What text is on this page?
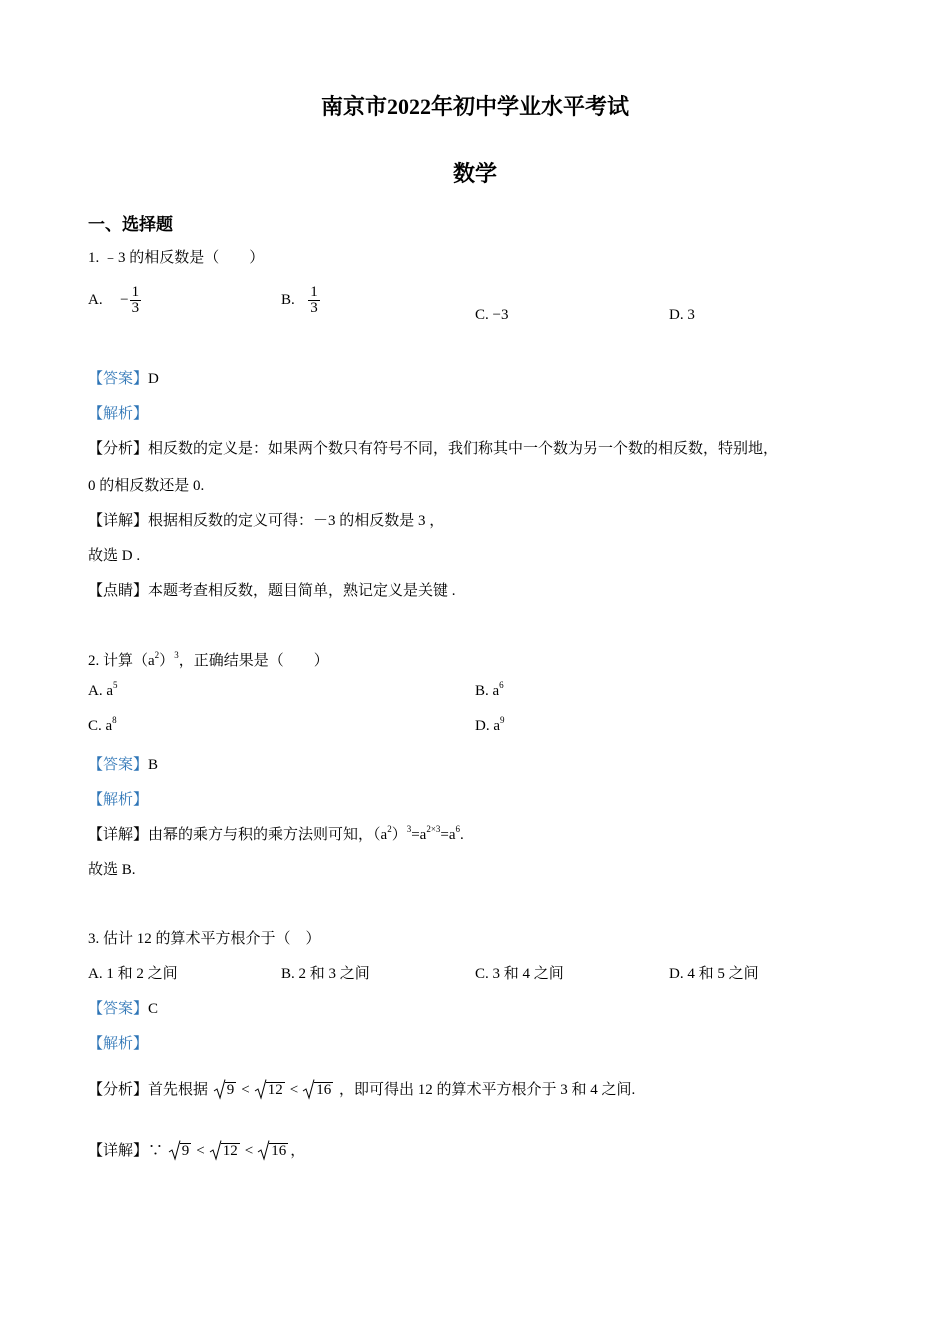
南京市2022年初中学业水平考试
数学
一、选择题
1. ﹣3 的相反数是（　　）
A. − $\frac{1}{3}$	B. $\frac{1}{3}$	C. −3	D. 3
【答案】D
【解析】
【分析】相反数的定义是：如果两个数只有符号不同，我们称其中一个数为另一个数的相反数，特别地，
0 的相反数还是 0.
【详解】根据相反数的定义可得：－3 的相反数是 3 ，
故选 D .
【点睛】本题考查相反数，题目简单，熟记定义是关键 .
2. 计算$(a^2)^3$，正确结果是（　　）
A. $a^5$	B. $a^6$
C. $a^8$	D. $a^9$
【答案】B
【解析】
【详解】由幂的乘方与积的乘方法则可知，$(a^2)^3=a^{2\times 3}=a^6$.
故选 B.
3. 估计 12 的算术平方根介于（　）
A. 1 和 2 之间	B. 2 和 3 之间	C. 3 和 4 之间	D. 4 和 5 之间
【答案】C
【解析】
【分析】首先根据 9 < 12 < 16 ，即可得出 12 的算术平方根介于 3 和 4 之间.
【详解】∵ 9 < 12 < 16 ，
